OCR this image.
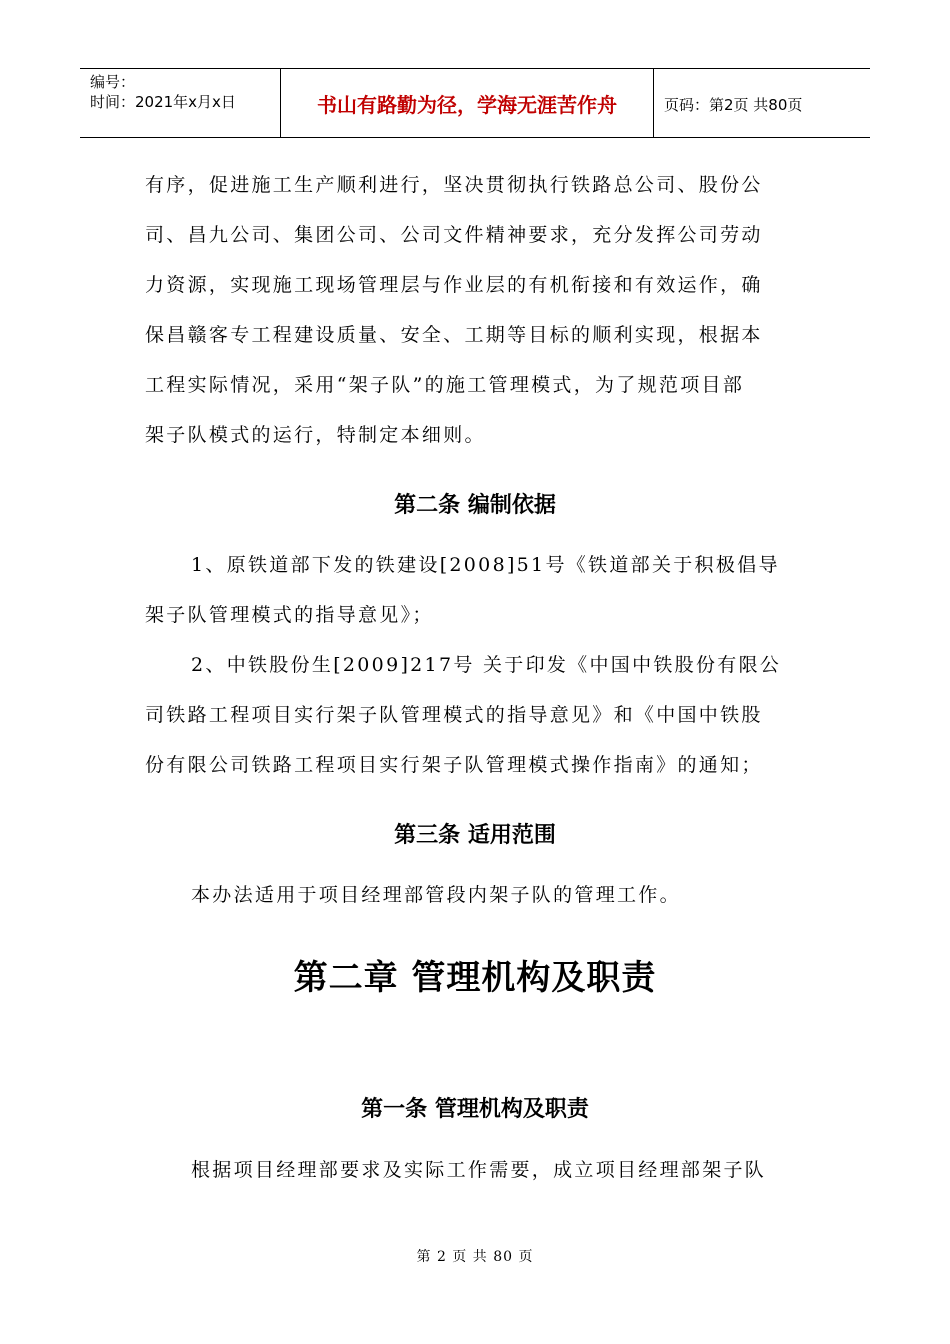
编号：
时间：2021年x月x日	书山有路勤为径，学海无涯苦作舟	页码：第2页 共80页
有序，促进施工生产顺利进行，坚决贯彻执行铁路总公司、股份公
司、昌九公司、集团公司、公司文件精神要求，充分发挥公司劳动
力资源，实现施工现场管理层与作业层的有机衔接和有效运作，确
保昌赣客专工程建设质量、安全、工期等目标的顺利实现，根据本
工程实际情况，采用“架子队”的施工管理模式，为了规范项目部
架子队模式的运行，特制定本细则。
1、原铁道部下发的铁建设[2008]51号《铁道部关于积极倡导
架子队管理模式的指导意见》；
2、中铁股份生[2009]217号 关于印发《中国中铁股份有限公
司铁路工程项目实行架子队管理模式的指导意见》和《中国中铁股
份有限公司铁路工程项目实行架子队管理模式操作指南》的通知；
本办法适用于项目经理部管段内架子队的管理工作。
根据项目经理部要求及实际工作需要，成立项目经理部架子队
第二条 编制依据
第三条 适用范围
第二章 管理机构及职责
第一条 管理机构及职责
第 2 页 共 80 页
